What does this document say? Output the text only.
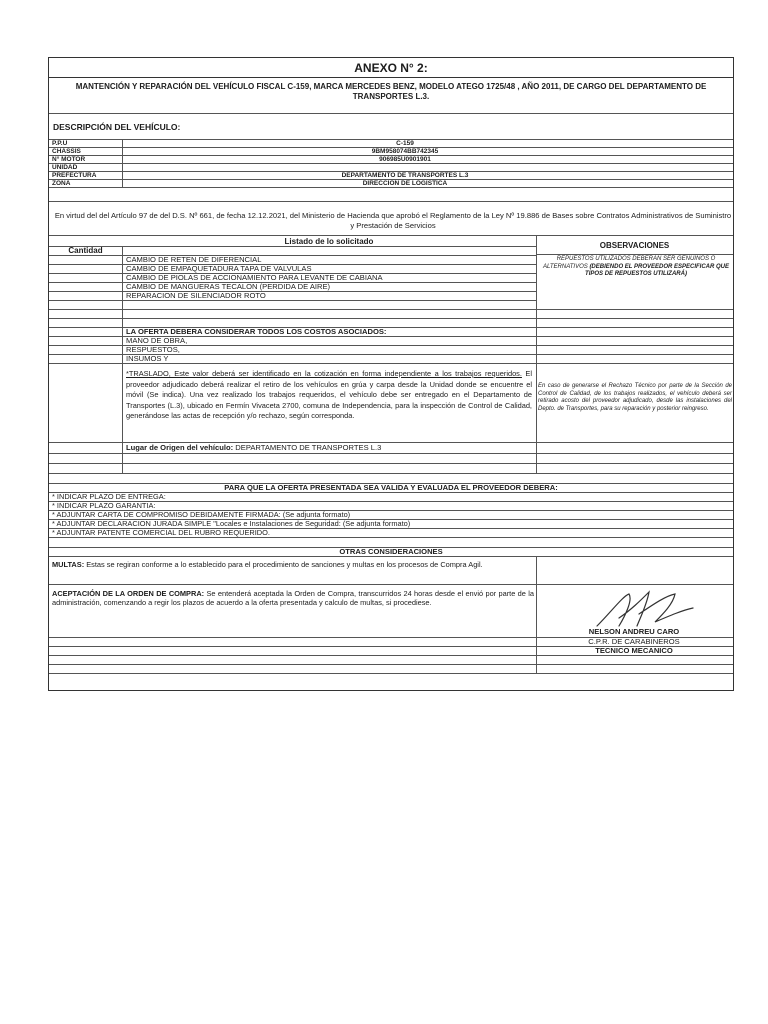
ANEXO N° 2:
MANTENCIÓN Y REPARACIÓN DEL VEHÍCULO FISCAL C-159, MARCA MERCEDES BENZ, MODELO ATEGO 1725/48 , AÑO 2011, DE CARGO DEL DEPARTAMENTO DE TRANSPORTES L.3.
DESCRIPCIÓN DEL VEHÍCULO:
P.P.U	C-159
CHASSIS	9BM958074BB742345
N° MOTOR	906985U0901901
UNIDAD
PREFECTURA	DEPARTAMENTO DE TRANSPORTES L.3
ZONA	DIRECCION DE LOGISTICA
En virtud del del Artículo 97 de del D.S. Nº 661, de fecha 12.12.2021, del Ministerio de Hacienda que aprobó el Reglamento de la Ley Nº 19.886 de Bases sobre Contratos Administrativos de Suministro y Prestación de Servicios
Listado de lo solicitado
Cantidad
OBSERVACIONES
CAMBIO DE RETEN DE DIFERENCIAL
CAMBIO DE EMPAQUETADURA TAPA DE VALVULAS
CAMBIO DE PIOLAS DE ACCIONAMIENTO PARA LEVANTE DE CABIANA
CAMBIO DE MANGUERAS TECALON (PERDIDA DE AIRE)
REPARACION DE SILENCIADOR ROTO
REPUESTOS UTILIZADOS DEBERAN SER GENUINOS O ALTERNATIVOS (DEBIENDO EL PROVEEDOR ESPECIFICAR QUE TIPOS DE REPUESTOS UTILIZARÁ)
LA OFERTA DEBERA CONSIDERAR TODOS LOS COSTOS ASOCIADOS:
MANO DE OBRA,
RESPUESTOS,
INSUMOS Y
*TRASLADO, Este valor deberá ser identificado en la cotización en forma independiente a los trabajos requeridos. El proveedor adjudicado deberá realizar el retiro de los vehículos en grúa y carpa desde la Unidad donde se encuentre el móvil (Se indica). Una vez realizado los trabajos requeridos, el vehículo debe ser entregado en el Departamento de Transportes (L.3), ubicado en Fermín Vivaceta 2700, comuna de Independencia, para la inspección de Control de Calidad, generándose las actas de recepción y/o rechazo, según corresponda.
En caso de generarse el Rechazo Técnico por parte de la Sección de Control de Calidad, de los trabajos realizados, el vehículo deberá ser retirado acosto del proveedor adjudicado, desde las instalaciones del Depto. de Transportes, para su reparación y posterior reingreso.
Lugar de Origen del vehículo: DEPARTAMENTO DE TRANSPORTES L.3
PARA QUE LA OFERTA PRESENTADA SEA VALIDA Y EVALUADA EL PROVEEDOR DEBERA:
* INDICAR PLAZO DE ENTREGA:
* INDICAR PLAZO GARANTIA:
* ADJUNTAR CARTA DE COMPROMISO DEBIDAMENTE FIRMADA: (Se adjunta formato)
* ADJUNTAR DECLARACION JURADA SIMPLE "Locales e Instalaciones de Seguridad: (Se adjunta formato)
* ADJUNTAR PATENTE COMERCIAL DEL RUBRO REQUERIDO.
OTRAS CONSIDERACIONES
MULTAS: Estas se regiran conforme a lo establecido para el procedimiento de sanciones y multas en los procesos de Compra Agil.
ACEPTACIÓN DE LA ORDEN DE COMPRA: Se entenderá aceptada la Orden de Compra, transcurridos 24 horas desde el envió por parte de la administración, comenzando a regir los plazos de acuerdo a la oferta presentada y calculo de multas, si procediese.
NELSON ANDREU CARO
C.P.R. DE CARABINEROS
TECNICO MECANICO
